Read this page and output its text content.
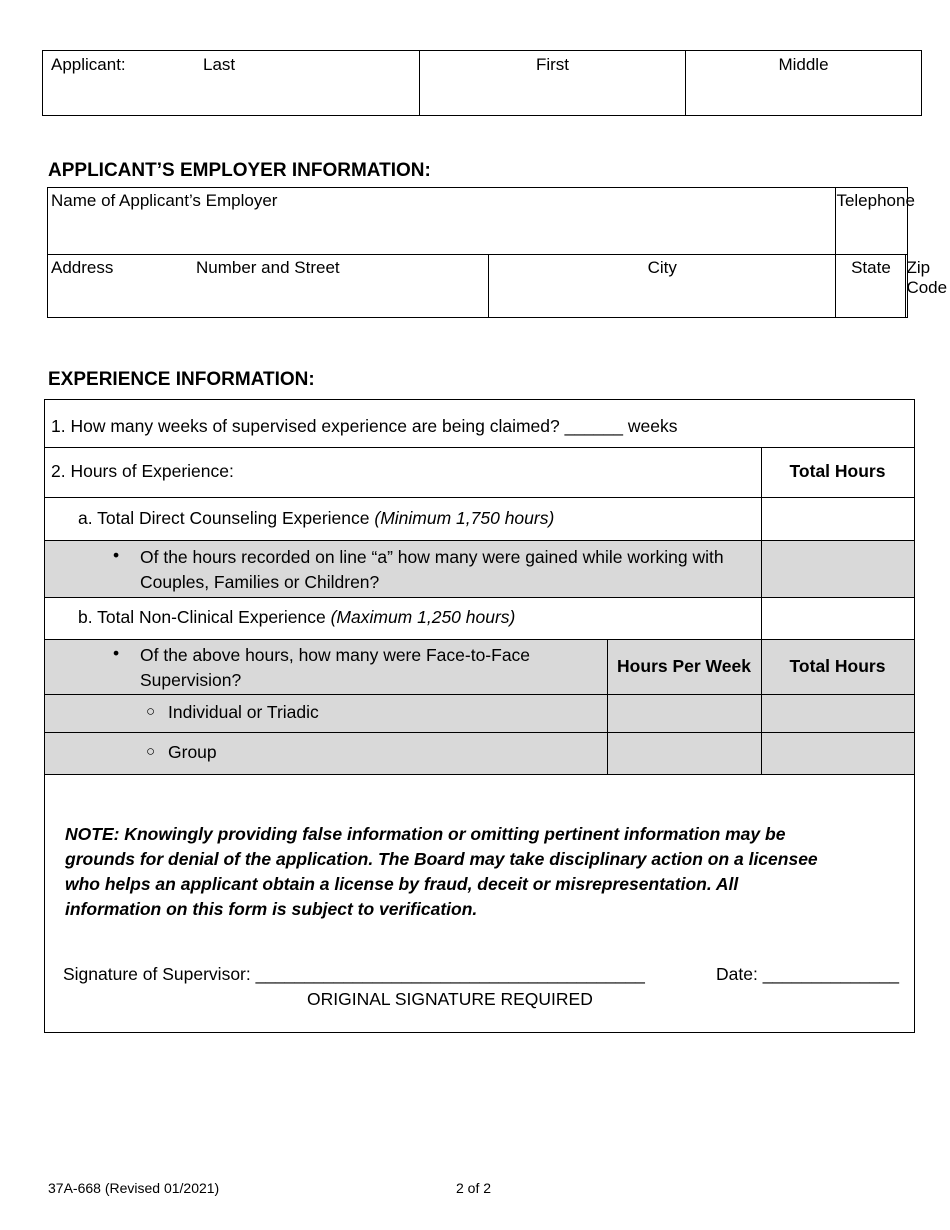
Applicant:	Last	First	Middle
APPLICANT’S EMPLOYER INFORMATION:
Name of Applicant’s Employer		Telephone	

Address Number and Street	City	State	Zip Code
EXPERIENCE INFORMATION:
1. How many weeks of supervised experience are being claimed? ______ weeks
2. Hours of Experience:	Total Hours
a. Total Direct Counseling Experience (Minimum 1,750 hours)
• Of the hours recorded on line “a” how many were gained while working with
Couples, Families or Children?
b. Total Non-Clinical Experience (Maximum 1,250 hours)
• Of the above hours, how many were Face-to-Face
Supervision?
Hours Per Week	Total Hours
○ Individual or Triadic
○ Group
NOTE: Knowingly providing false information or omitting pertinent information may be
grounds for denial of the application. The Board may take disciplinary action on a licensee
who helps an applicant obtain a license by fraud, deceit or misrepresentation. All
information on this form is subject to verification.
Signature of Supervisor: ________________________________________	Date: ______________
ORIGINAL SIGNATURE REQUIRED
37A-668 (Revised 01/2021)	2 of 2
